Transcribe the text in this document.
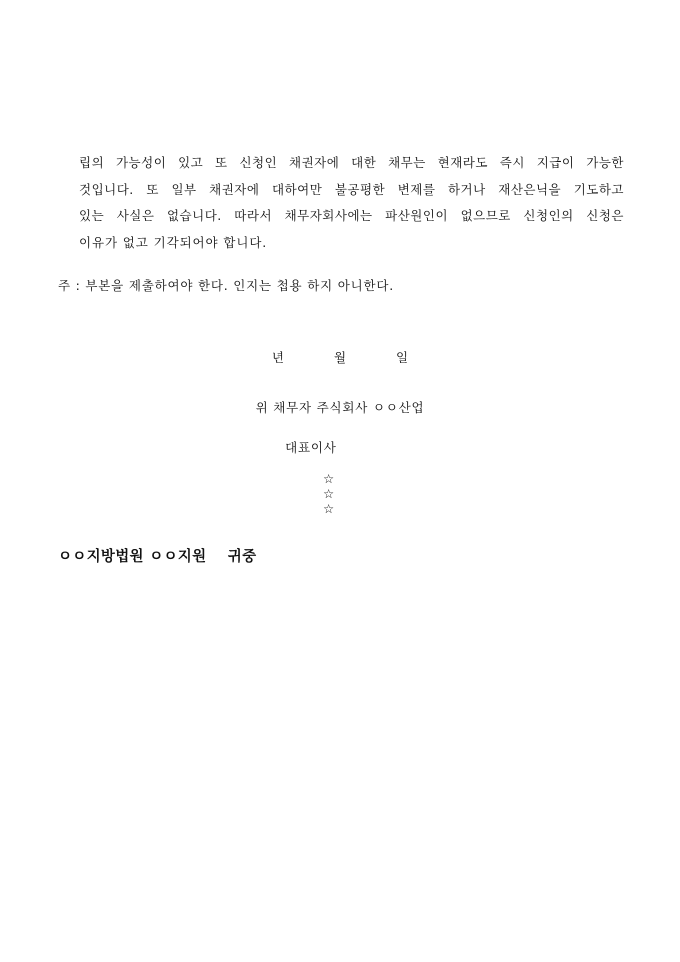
립의 가능성이 있고 또 신청인 채권자에 대한 채무는 현재라도 즉시 지급이 가능한
것입니다. 또 일부 채권자에 대하여만 불공평한 변제를 하거나 재산은닉을 기도하고
있는 사실은 없습니다. 따라서 채무자회사에는 파산원인이 없으므로 신청인의 신청은
이유가 없고 기각되어야 합니다.
주 : 부본을 제출하여야 한다. 인지는 첩용 하지 아니한다.
년	월	일
위 채무자 주식회사 ㅇㅇ산업

대표이사

☆
☆
☆

ㅇㅇ지방법원 ㅇㅇ지원    귀중
